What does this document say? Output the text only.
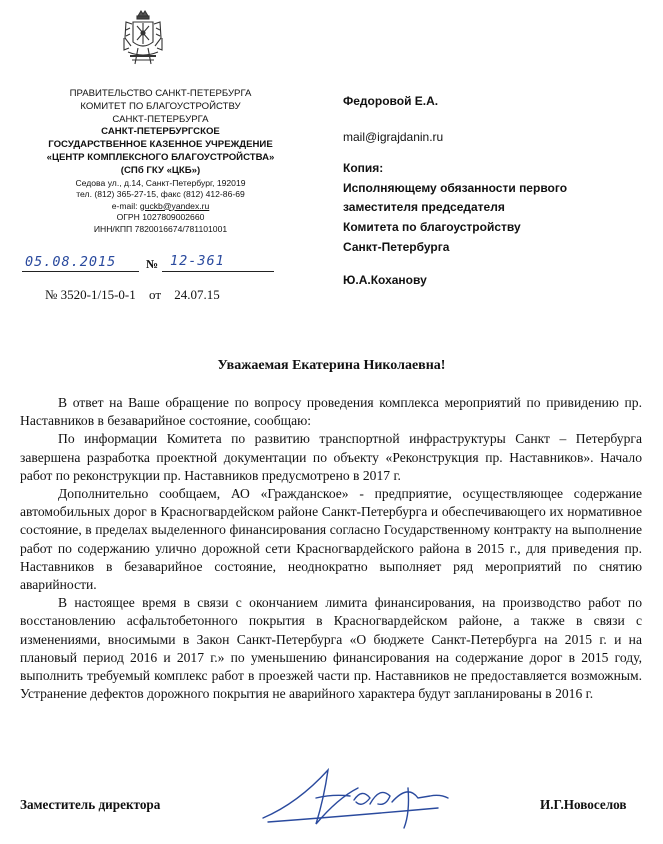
ПРАВИТЕЛЬСТВО САНКТ-ПЕТЕРБУРГА
КОМИТЕТ ПО БЛАГОУСТРОЙСТВУ
САНКТ-ПЕТЕРБУРГА
САНКТ-ПЕТЕРБУРГСКОЕ
ГОСУДАРСТВЕННОЕ КАЗЕННОЕ УЧРЕЖДЕНИЕ
«ЦЕНТР КОМПЛЕКСНОГО БЛАГОУСТРОЙСТВА»
(СПб ГКУ «ЦКБ»)
Седова ул., д.14, Санкт-Петербург, 192019
тел. (812) 365-27-15, факс (812) 412-86-69
e-mail: guckb@yandex.ru
ОГРН 1027809002660
ИНН/КПП 7820016674/781101001
05.08.2015 № 12-361
№ 3520-1/15-0-1 от 24.07.15
Федоровой Е.А.
mail@igrajdanin.ru
Копия:
Исполняющему обязанности первого
заместителя председателя
Комитета по благоустройству
Санкт-Петербурга
Ю.А.Коханову
Уважаемая Екатерина Николаевна!

В ответ на Ваше обращение по вопросу проведения комплекса мероприятий по привидению пр. Наставников в безаварийное состояние, сообщаю:

По информации Комитета по развитию транспортной инфраструктуры Санкт – Петербурга завершена разработка проектной документации по объекту «Реконструкция пр. Наставников». Начало работ по реконструкции пр. Наставников предусмотрено в 2017 г.

Дополнительно сообщаем, АО «Гражданское» - предприятие, осуществляющее содержание автомобильных дорог в Красногвардейском районе Санкт-Петербурга и обеспечивающего их нормативное состояние, в пределах выделенного финансирования согласно Государственному контракту на выполнение работ по содержанию улично дорожной сети Красногвардейского района в 2015 г., для приведения пр. Наставников в безаварийное состояние, неоднократно выполняет ряд мероприятий по снятию аварийности.

В настоящее время в связи с окончанием лимита финансирования, на производство работ по восстановлению асфальтобетонного покрытия в Красногвардейском районе, а также в связи с изменениями, вносимыми в Закон Санкт-Петербурга «О бюджете Санкт-Петербурга на 2015 г. и на плановый период 2016 и 2017 г.» по уменьшению финансирования на содержание дорог в 2015 году, выполнить требуемый комплекс работ в проезжей части пр. Наставников не предоставляется возможным. Устранение дефектов дорожного покрытия не аварийного характера будут запланированы в 2016 г.

Заместитель директора	И.Г.Новоселов
